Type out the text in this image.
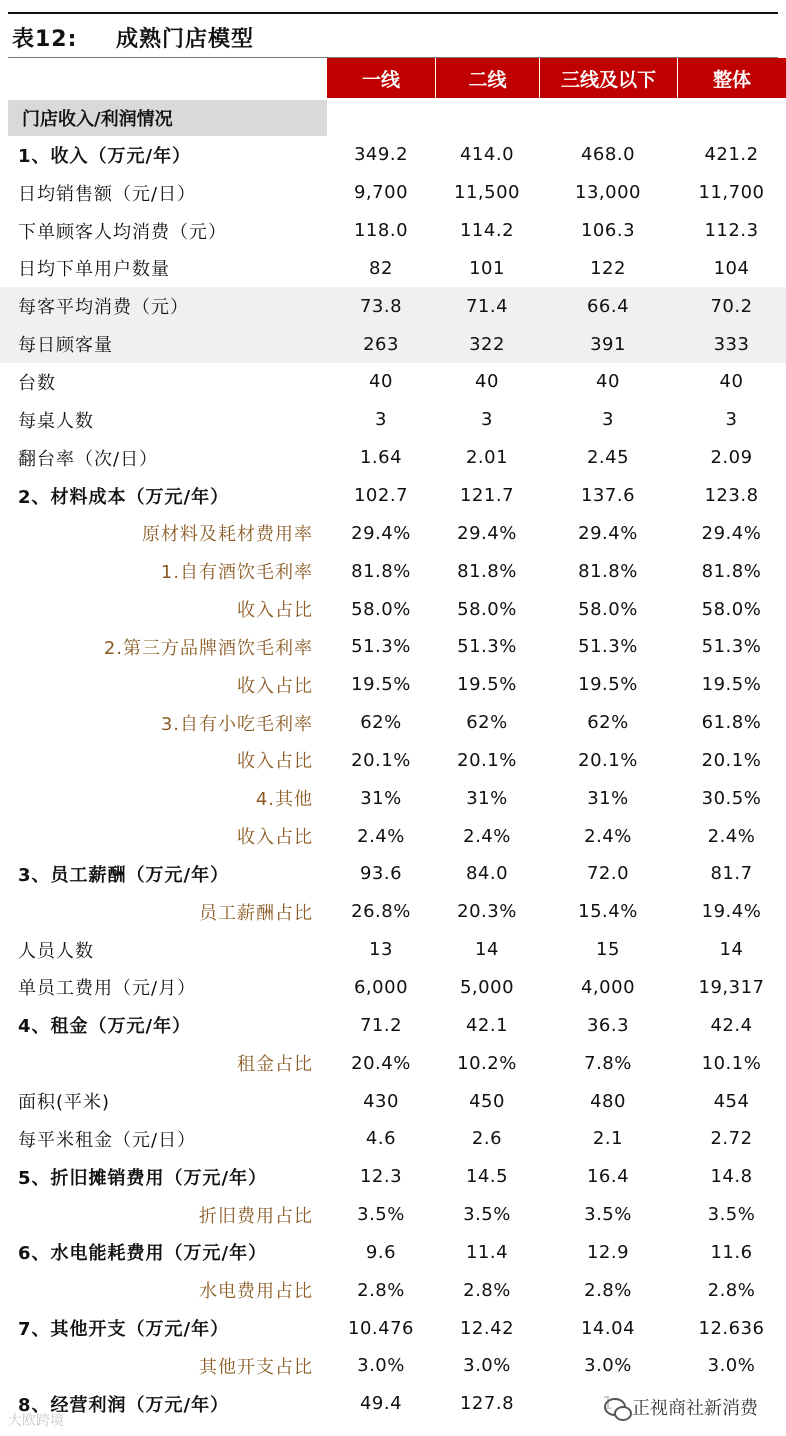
表12: 成熟门店模型
一线	二线	三线及以下	整体
门店收入/利润情况
1、收入（万元/年）	349.2	414.0	468.0	421.2
日均销售额（元/日）	9,700	11,500	13,000	11,700
下单顾客人均消费（元）	118.0	114.2	106.3	112.3
日均下单用户数量	82	101	122	104
每客平均消费（元）	73.8	71.4	66.4	70.2
每日顾客量	263	322	391	333
台数	40	40	40	40
每桌人数	3	3	3	3
翻台率（次/日）	1.64	2.01	2.45	2.09
2、材料成本（万元/年）	102.7	121.7	137.6	123.8
原材料及耗材费用率	29.4%	29.4%	29.4%	29.4%
1.自有酒饮毛利率	81.8%	81.8%	81.8%	81.8%
收入占比	58.0%	58.0%	58.0%	58.0%
2.第三方品牌酒饮毛利率	51.3%	51.3%	51.3%	51.3%
收入占比	19.5%	19.5%	19.5%	19.5%
3.自有小吃毛利率	62%	62%	62%	61.8%
收入占比	20.1%	20.1%	20.1%	20.1%
4.其他	31%	31%	31%	30.5%
收入占比	2.4%	2.4%	2.4%	2.4%
3、员工薪酬（万元/年）	93.6	84.0	72.0	81.7
员工薪酬占比	26.8%	20.3%	15.4%	19.4%
人员人数	13	14	15	14
单员工费用（元/月）	6,000	5,000	4,000	19,317
4、租金（万元/年）	71.2	42.1	36.3	42.4
租金占比	20.4%	10.2%	7.8%	10.1%
面积(平米)	430	450	480	454
每平米租金（元/日）	4.6	2.6	2.1	2.72
5、折旧摊销费用（万元/年）	12.3	14.5	16.4	14.8
折旧费用占比	3.5%	3.5%	3.5%	3.5%
6、水电能耗费用（万元/年）	9.6	11.4	12.9	11.6
水电费用占比	2.8%	2.8%	2.8%	2.8%
7、其他开支（万元/年）	10.476	12.42	14.04	12.636
其他开支占比	3.0%	3.0%	3.0%	3.0%
8、经营利润（万元/年）	49.4	127.8
大欧跨境
正视商社新消费
